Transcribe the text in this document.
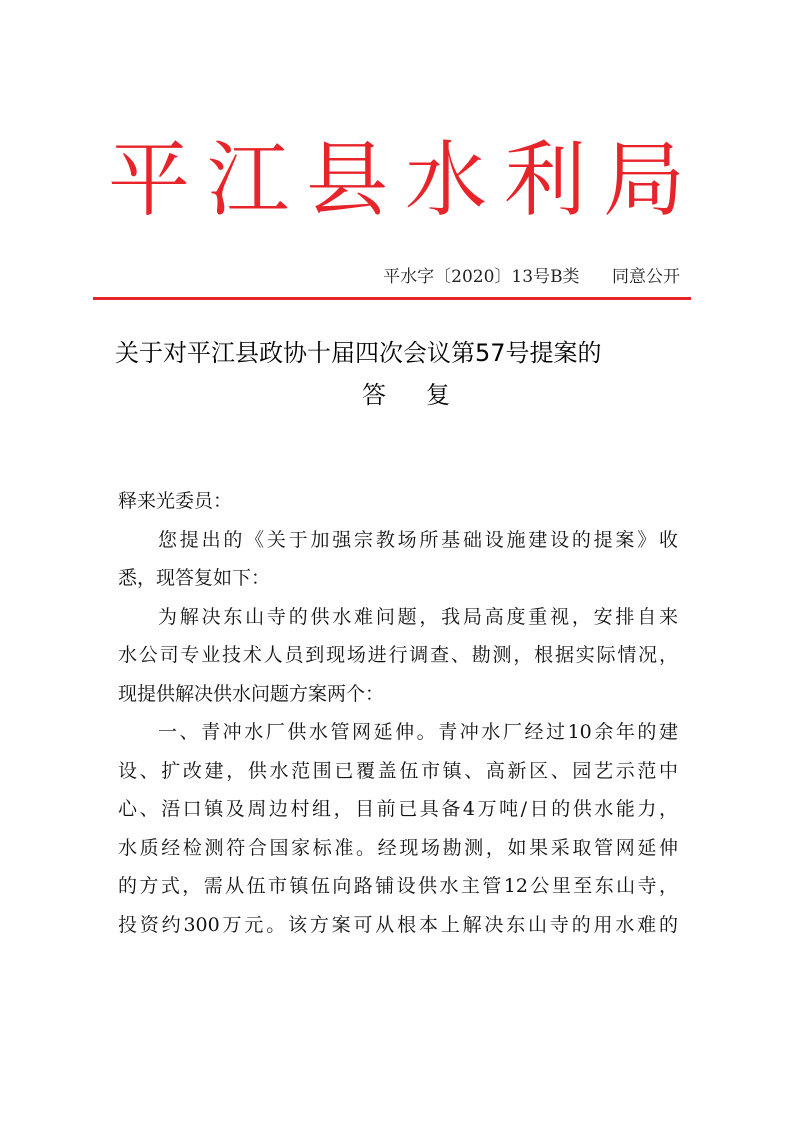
平江县水利局
平水字〔2020〕13号B类 同意公开
关于对平江县政协十届四次会议第57号提案的
答复
释来光委员：
您提出的《关于加强宗教场所基础设施建设的提案》收
悉，现答复如下：
为解决东山寺的供水难问题，我局高度重视，安排自来
水公司专业技术人员到现场进行调查、勘测，根据实际情况，
现提供解决供水问题方案两个：
一、青冲水厂供水管网延伸。青冲水厂经过10余年的建
设、扩改建，供水范围已覆盖伍市镇、高新区、园艺示范中
心、浯口镇及周边村组，目前已具备4万吨/日的供水能力，
水质经检测符合国家标准。经现场勘测，如果采取管网延伸
的方式，需从伍市镇伍向路铺设供水主管12公里至东山寺，
投资约300万元。该方案可从根本上解决东山寺的用水难的
